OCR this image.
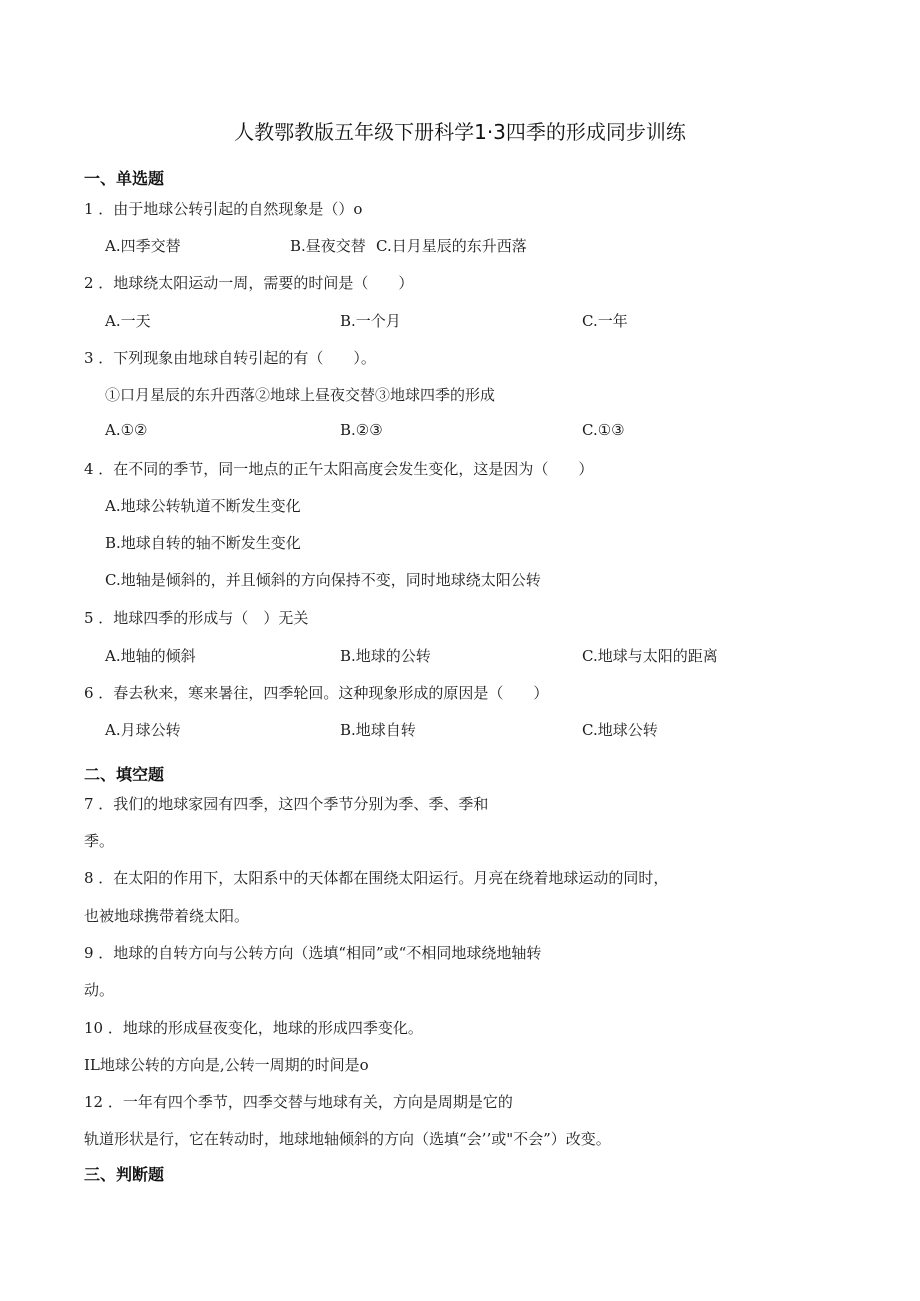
人教鄂教版五年级下册科学1·3四季的形成同步训练
一、单选题
1 ．由于地球公转引起的自然现象是（）o
A.四季交替	B.昼夜交替 C.日月星辰的东升西落
2 ．地球绕太阳运动一周，需要的时间是（　　）
A.一天	B.一个月	C.一年
3 ．下列现象由地球自转引起的有（　　）。
①口月星辰的东升西落②地球上昼夜交替③地球四季的形成
A.①②	B.②③	C.①③
4 ．在不同的季节，同一地点的正午太阳高度会发生变化，这是因为（　　）
A.地球公转轨道不断发生变化
B.地球自转的轴不断发生变化
C.地轴是倾斜的，并且倾斜的方向保持不变，同时地球绕太阳公转
5 ．地球四季的形成与（　）无关
A.地轴的倾斜	B.地球的公转	C.地球与太阳的距离
6 ．春去秋来，寒来暑往，四季轮回。这种现象形成的原因是（　　）
A.月球公转	B.地球自转	C.地球公转
二、填空题
7 ．我们的地球家园有四季，这四个季节分别为季、季、季和
季。
8 ．在太阳的作用下，太阳系中的天体都在围绕太阳运行。月亮在绕着地球运动的同时，
也被地球携带着绕太阳。
9 ．地球的自转方向与公转方向（选填“相同”或“不相同地球绕地轴转
动。
10 ．地球的形成昼夜变化，地球的形成四季变化。
IL地球公转的方向是,公转一周期的时间是o
12 ．一年有四个季节，四季交替与地球有关，方向是周期是它的
轨道形状是行，它在转动时，地球地轴倾斜的方向（选填“会’’或"不会”）改变。
三、判断题
